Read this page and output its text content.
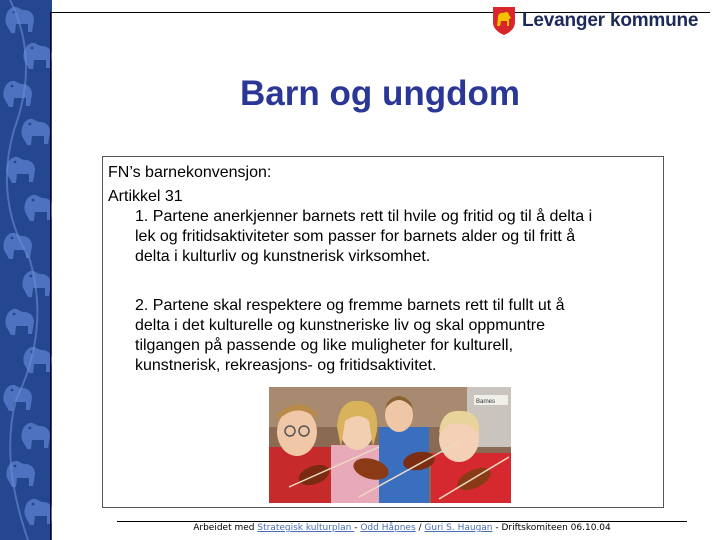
Levanger kommune
Barn og ungdom
FN’s barnekonvensjon:
Artikkel 31
1. Partene anerkjenner barnets rett til hvile og fritid og til å delta i
lek og fritidsaktiviteter som passer for barnets alder og til fritt å
delta i kulturliv og kunstnerisk virksomhet.
2. Partene skal respektere og fremme barnets rett til fullt ut å
delta i det kulturelle og kunstneriske liv og skal oppmuntre
tilgangen på passende og like muligheter for kulturell,
kunstnerisk, rekreasjons- og fritidsaktivitet.
Barnes
Arbeidet med Strategisk kulturplan - Odd Håpnes / Guri S. Haugan - Driftskomiteen 06.10.04
